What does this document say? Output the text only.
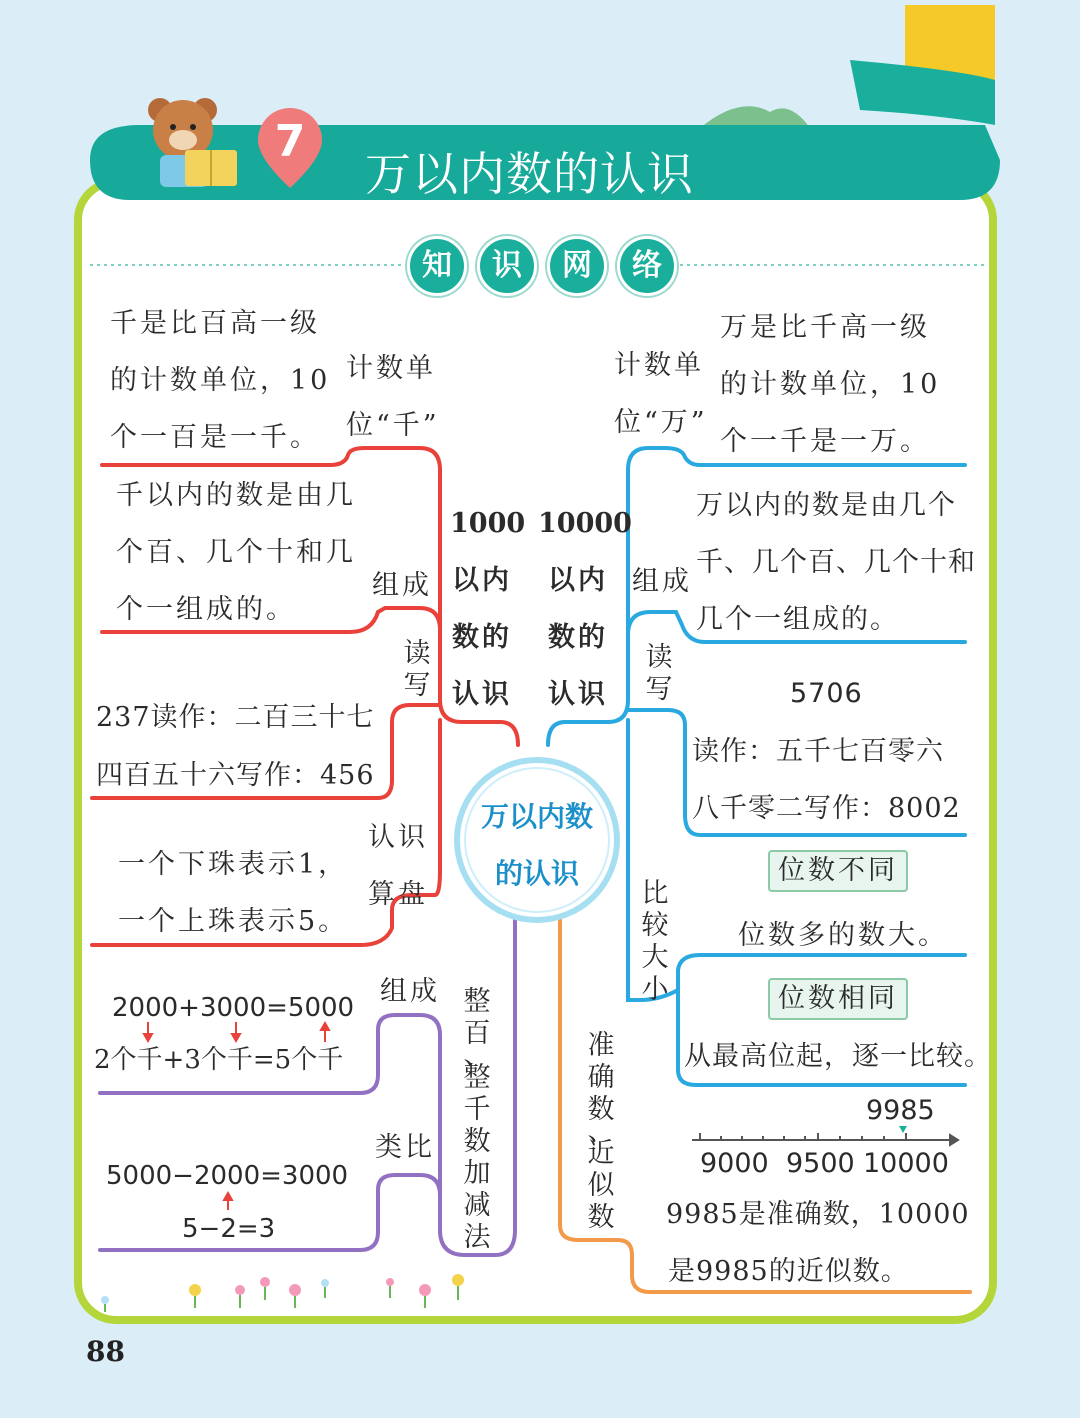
7
万以内数的认识
知	识	网	络
万以内数
的认识
1000
以内
数的
认识
千是比百高一级
的计数单位，10
个一百是一千。
计数单
位“千”
千以内的数是由几
个百、几个十和几
个一组成的。
组成
读
写
237读作：二百三十七
四百五十六写作：456
认识
算盘
一个下珠表示1，
一个上珠表示5。
10000
以内
数的
认识
计数单
位“万”
万是比千高一级
的计数单位，10
个一千是一万。
组成
万以内的数是由几个
千、几个百、几个十和
几个一组成的。
读
写	5706
读作：五千七百零六
八千零二写作：8002
比
较
大
小
位数不同
位数多的数大。
位数相同
从最高位起，逐一比较。
整
百
、
整
千
数
加
减
法
组成
2000+3000=5000
2个千+3个千=5个千
类比
5000−2000=3000
5−2=3
准
确
数
、
近
似
数
9985
9000 9500 10000
9985是准确数，10000
是9985的近似数。
88
